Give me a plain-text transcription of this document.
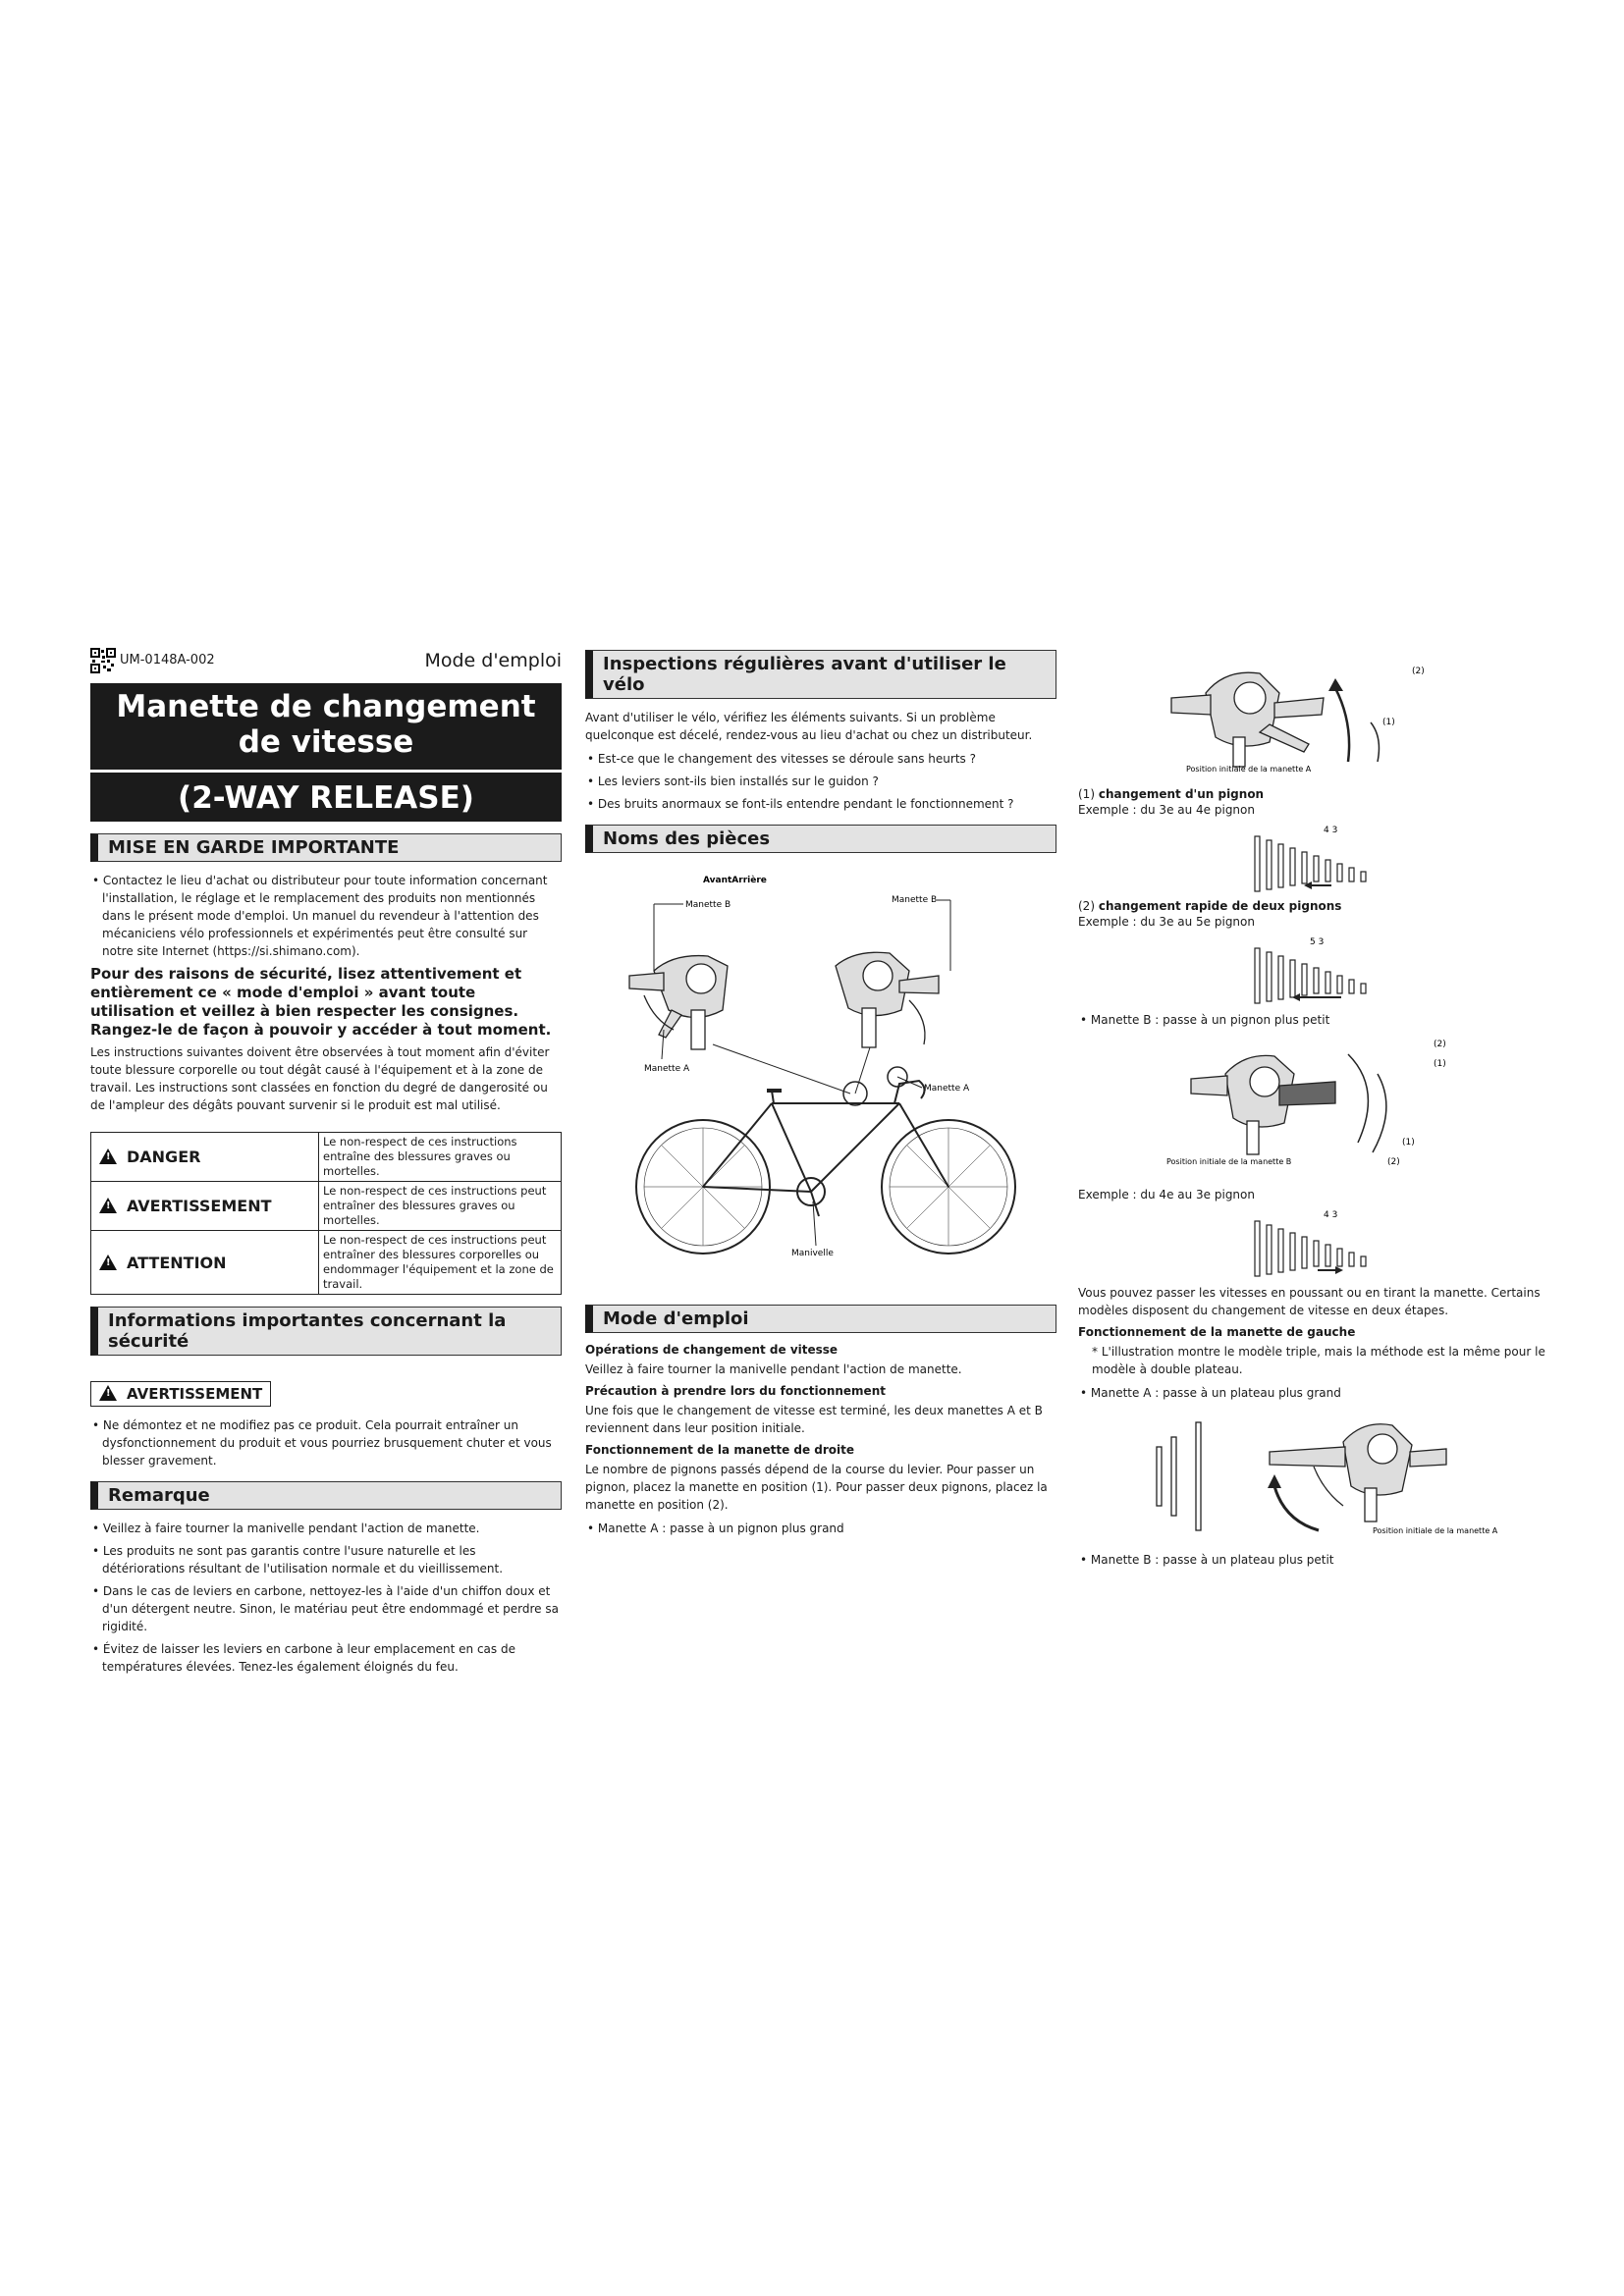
UM-0148A-002	Mode d'emploi
Manette de changement de vitesse
(2-WAY RELEASE)
MISE EN GARDE IMPORTANTE
• Contactez le lieu d'achat ou distributeur pour toute information concernant l'installation, le réglage et le remplacement des produits non mentionnés dans le présent mode d'emploi. Un manuel du revendeur à l'attention des mécaniciens vélo professionnels et expérimentés peut être consulté sur notre site Internet (https://si.shimano.com).
Pour des raisons de sécurité, lisez attentivement et entièrement ce « mode d'emploi » avant toute utilisation et veillez à bien respecter les consignes. Rangez-le de façon à pouvoir y accéder à tout moment.

Les instructions suivantes doivent être observées à tout moment afin d'éviter toute blessure corporelle ou tout dégât causé à l'équipement et à la zone de travail. Les instructions sont classées en fonction du degré de dangerosité ou de l'ampleur des dégâts pouvant survenir si le produit est mal utilisé.

!DANGER	Le non-respect de ces instructions entraîne des blessures graves ou mortelles.
!AVERTISSEMENT	Le non-respect de ces instructions peut entraîner des blessures graves ou mortelles.
!ATTENTION	Le non-respect de ces instructions peut entraîner des blessures corporelles ou endommager l'équipement et la zone de travail.
Informations importantes concernant la sécurité
!AVERTISSEMENT
• Ne démontez et ne modifiez pas ce produit. Cela pourrait entraîner un dysfonctionnement du produit et vous pourriez brusquement chuter et vous blesser gravement.
Remarque
• Veillez à faire tourner la manivelle pendant l'action de manette.
• Les produits ne sont pas garantis contre l'usure naturelle et les détériorations résultant de l'utilisation normale et du vieillissement.
• Dans le cas de leviers en carbone, nettoyez-les à l'aide d'un chiffon doux et d'un détergent neutre. Sinon, le matériau peut être endommagé et perdre sa rigidité.
• Évitez de laisser les leviers en carbone à leur emplacement en cas de températures élevées. Tenez-les également éloignés du feu.
Inspections régulières avant d'utiliser le vélo

Avant d'utiliser le vélo, vérifiez les éléments suivants. Si un problème quelconque est décelé, rendez-vous au lieu d'achat ou chez un distributeur.

• Est-ce que le changement des vitesses se déroule sans heurts ?
• Les leviers sont-ils bien installés sur le guidon ?
• Des bruits anormaux se font-ils entendre pendant le fonctionnement ?
Noms des pièces
AvantArrière
Manette B	Manette B
Manette A
Manette A
Manivelle
Mode d'emploi
Opérations de changement de vitesse

Veillez à faire tourner la manivelle pendant l'action de manette.

Précaution à prendre lors du fonctionnement

Une fois que le changement de vitesse est terminé, les deux manettes A et B reviennent dans leur position initiale.

Fonctionnement de la manette de droite

Le nombre de pignons passés dépend de la course du levier. Pour passer un pignon, placez la manette en position (1). Pour passer deux pignons, placez la manette en position (2).

• Manette A : passe à un pignon plus grand
(2)
(1)
Position initiale de la manette A
(1) changement d'un pignon
Exemple : du 3e au 4e pignon
4 3
(2) changement rapide de deux pignons
Exemple : du 3e au 5e pignon
5 3
• Manette B : passe à un pignon plus petit
(2)
(1)
(1)
(2)
Position initiale de la manette B
Exemple : du 4e au 3e pignon
4 3

Vous pouvez passer les vitesses en poussant ou en tirant la manette. Certains modèles disposent du changement de vitesse en deux étapes.

Fonctionnement de la manette de gauche

* L'illustration montre le modèle triple, mais la méthode est la même pour le modèle à double plateau.

• Manette A : passe à un plateau plus grand
Position initiale de la manette A
• Manette B : passe à un plateau plus petit
